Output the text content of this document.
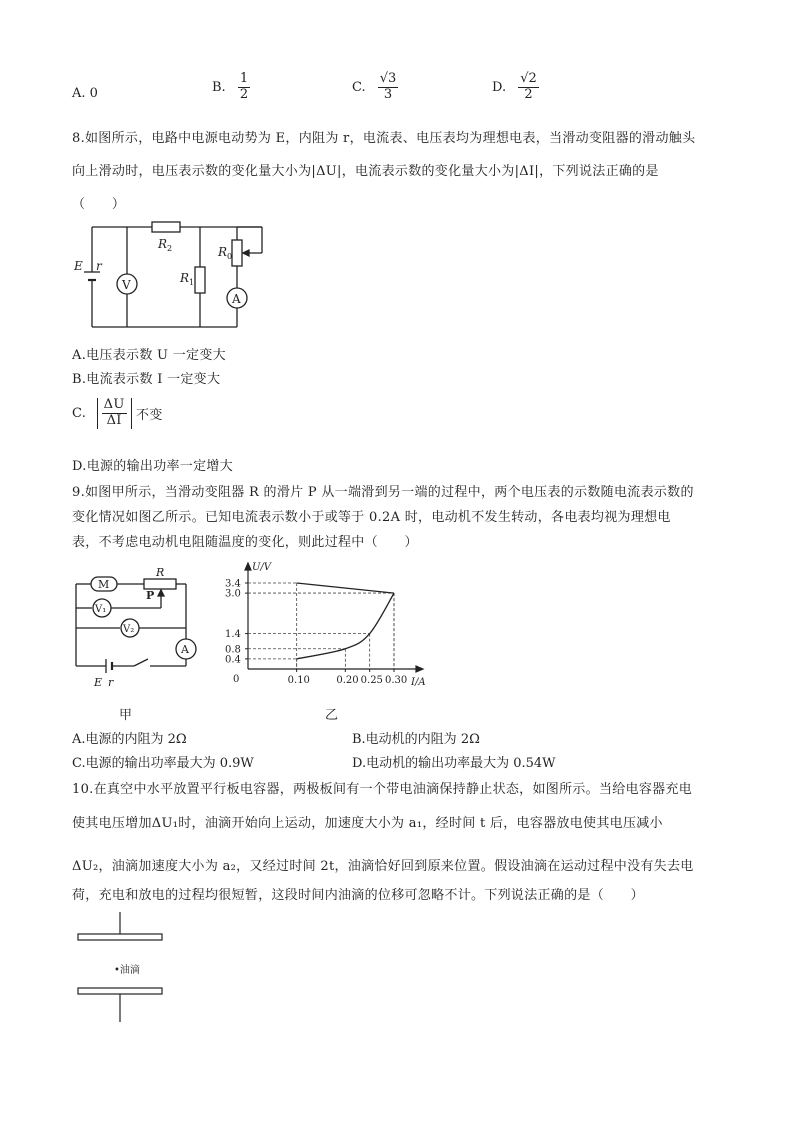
A. 0	B. $\frac{1}{2}$	C. $\frac{√3}{3}$	D. $\frac{√2}{2}$
8.如图所示，电路中电源电动势为 E，内阻为 r，电流表、电压表均为理想电表，当滑动变阻器的滑动触头
向上滑动时，电压表示数的变化量大小为|ΔU|，电流表示数的变化量大小为|ΔI|，下列说法正确的是
（　　）
E r
V
R 2
R 1
R 0
A
A.电压表示数 U 一定变大
B.电流表示数 I 一定变大
C. $\frac{\Delta U}{\Delta I}$ 不变
D.电源的输出功率一定增大
9.如图甲所示，当滑动变阻器 R 的滑片 P 从一端滑到另一端的过程中，两个电压表的示数随电流表示数的
变化情况如图乙所示。已知电流表示数小于或等于 0.2A 时，电动机不发生转动，各电表均视为理想电
表，不考虑电动机电阻随温度的变化，则此过程中（　　）
M
R
P
V₁
V₂
A
E r
甲
U/V
I/A
0
0.4
0.8
1.4
3.0
3.4
0.10	0.20 0.25 0.30
乙
A.电源的内阻为 2Ω	B.电动机的内阻为 2Ω
C.电源的输出功率最大为 0.9W	D.电动机的输出功率最大为 0.54W
10.在真空中水平放置平行板电容器，两极板间有一个带电油滴保持静止状态，如图所示。当给电容器充电
使其电压增加ΔU₁时，油滴开始向上运动，加速度大小为 a₁，经时间 t 后，电容器放电使其电压减小
ΔU₂，油滴加速度大小为 a₂，又经过时间 2t，油滴恰好回到原来位置。假设油滴在运动过程中没有失去电
荷，充电和放电的过程均很短暂，这段时间内油滴的位移可忽略不计。下列说法正确的是（　　）
•油滴
